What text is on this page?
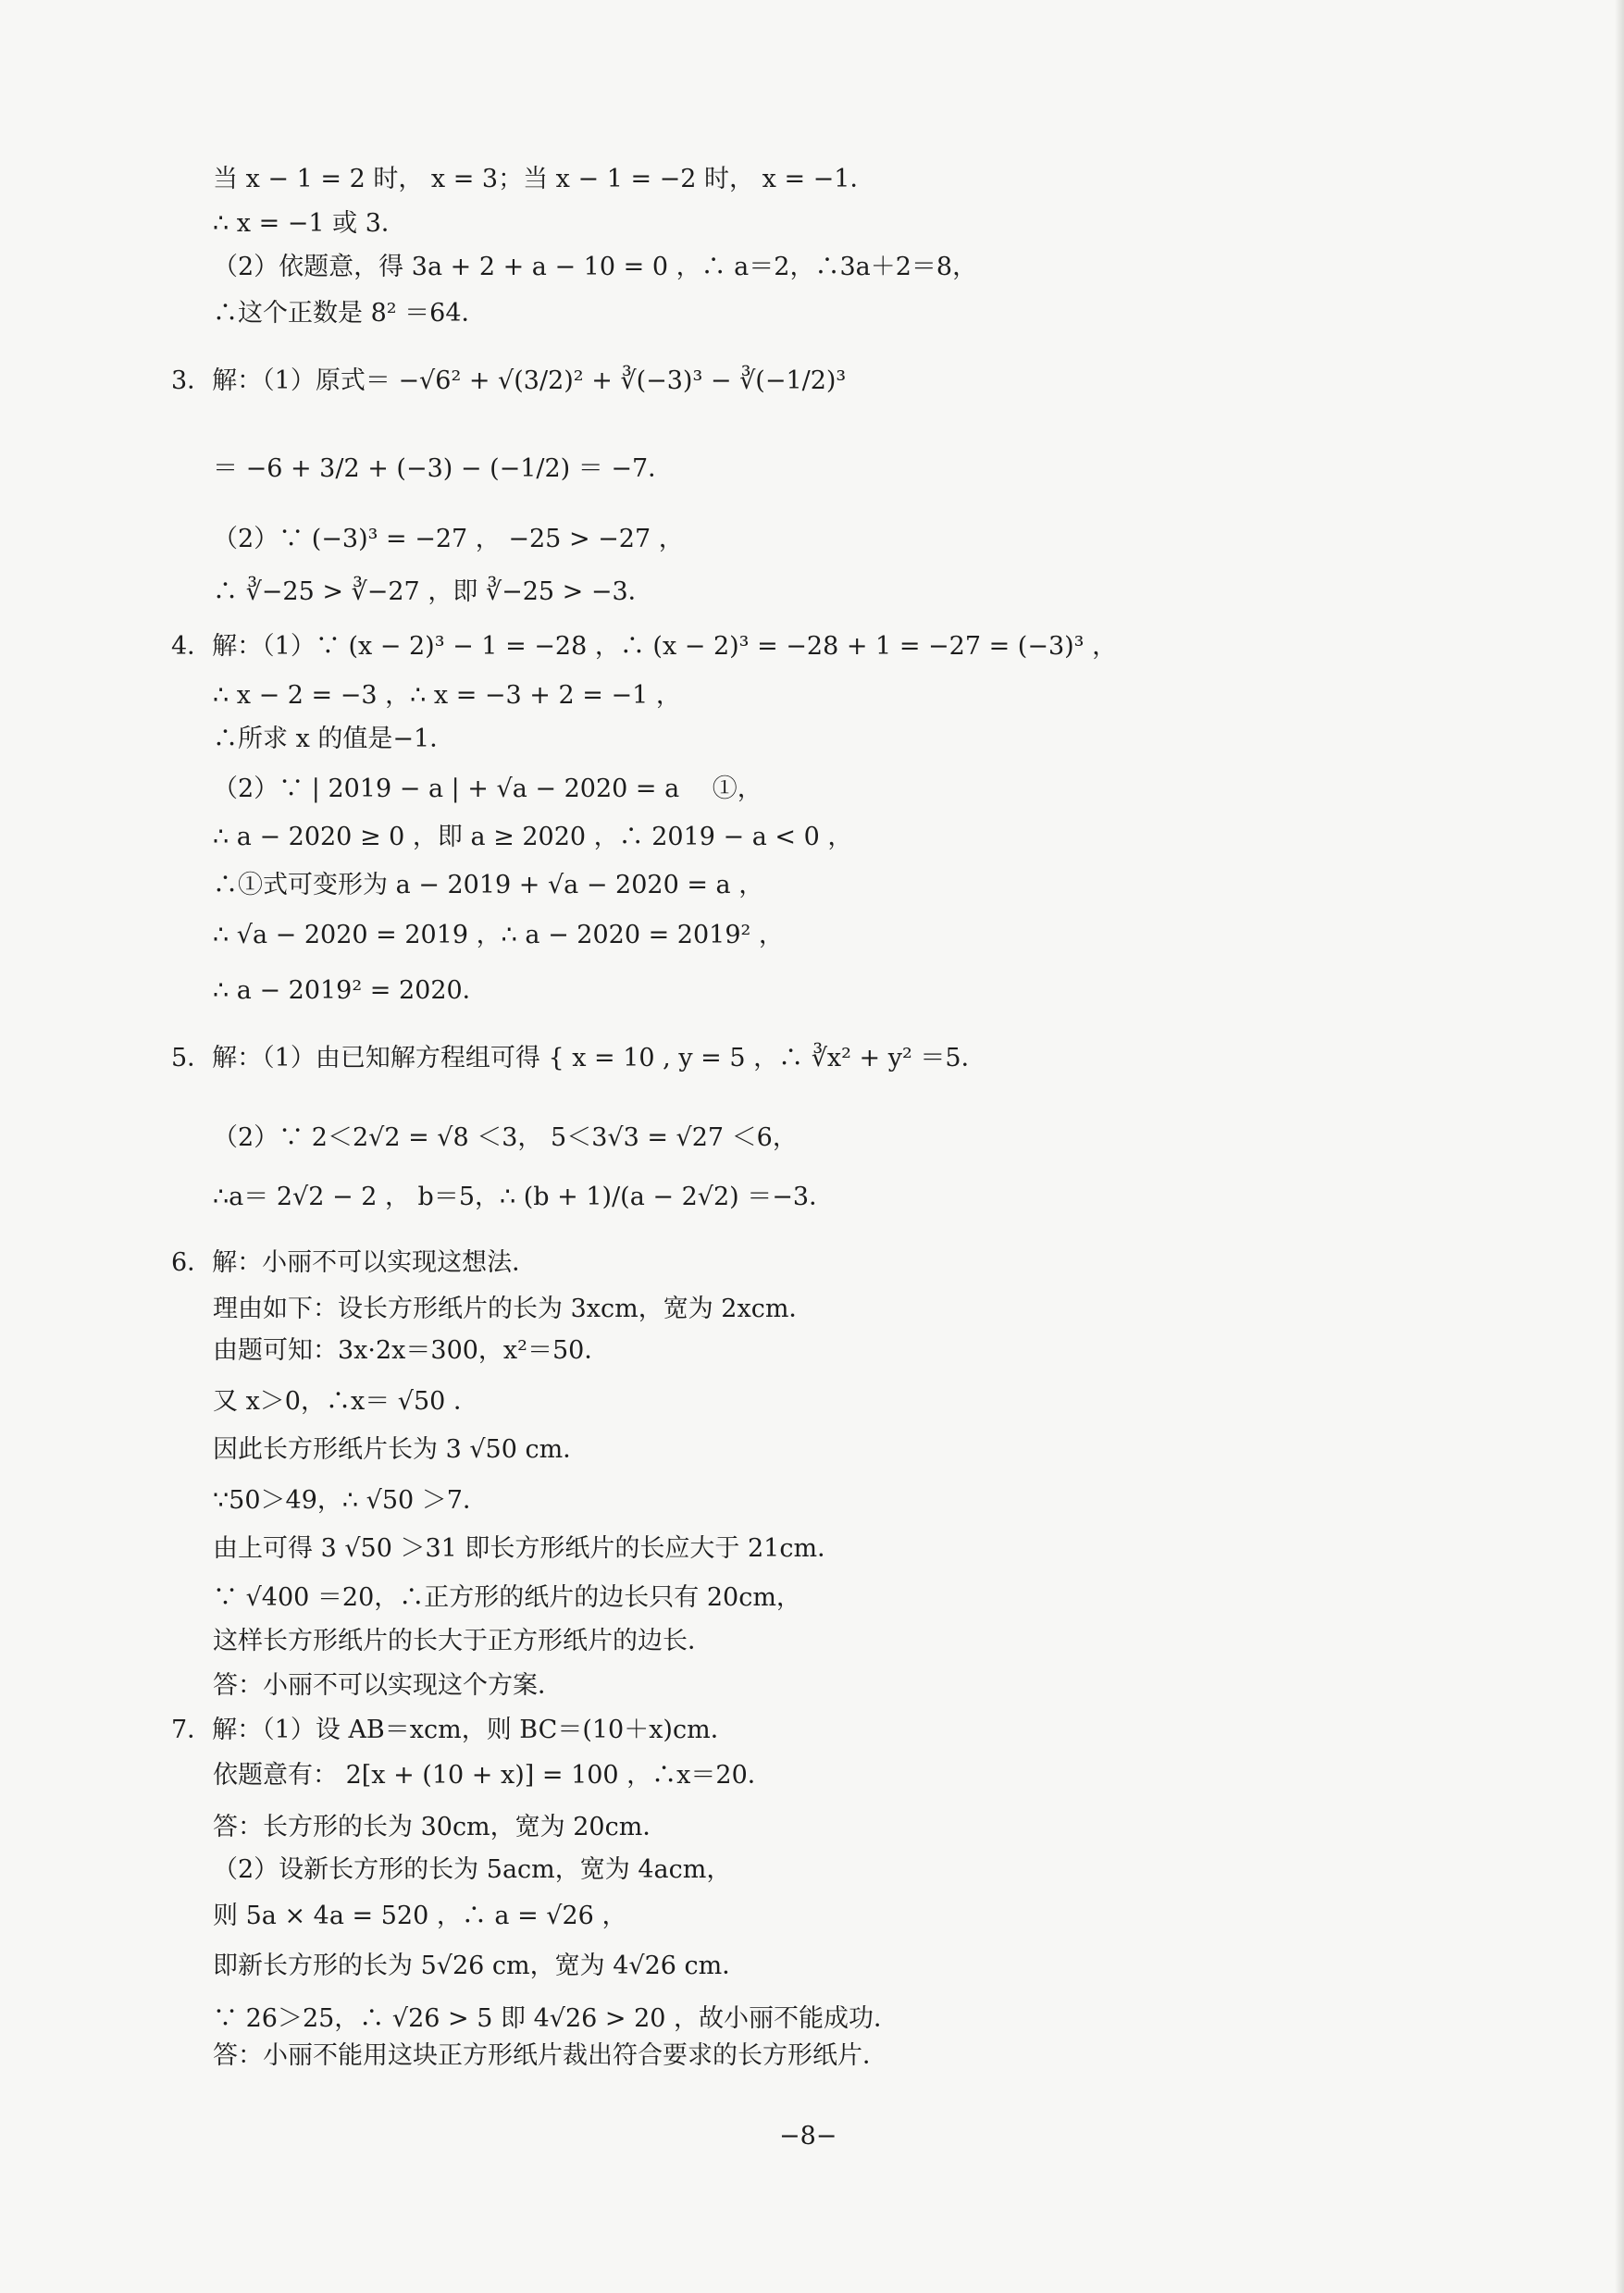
当 x − 1 = 2 时， x = 3；当 x − 1 = −2 时， x = −1．
∴ x = −1 或 3．
（2）依题意，得 3a + 2 + a − 10 = 0 ，∴ a＝2，∴3a＋2＝8，
∴这个正数是 8² ＝64．
3．解：（1）原式＝ −√6² + √(3/2)² + ∛(−3)³ − ∛(−1/2)³
＝ −6 + 3/2 + (−3) − (−1/2) ＝ −7．
（2）∵ (−3)³ = −27 ， −25 > −27 ，
∴ ∛−25 > ∛−27 ，即 ∛−25 > −3．
4．解：（1）∵ (x − 2)³ − 1 = −28 ，∴ (x − 2)³ = −28 + 1 = −27 = (−3)³ ，
∴ x − 2 = −3 ，∴ x = −3 + 2 = −1 ，
∴所求 x 的值是−1．
（2）∵ | 2019 − a | + √a − 2020 = a 　①，
∴ a − 2020 ≥ 0 ，即 a ≥ 2020 ，∴ 2019 − a < 0 ，
∴①式可变形为 a − 2019 + √a − 2020 = a ，
∴ √a − 2020 = 2019 ，∴ a − 2020 = 2019² ，
∴ a − 2019² = 2020．
5．解：（1）由已知解方程组可得 { x = 10 , y = 5 ，∴ ∛x² + y² ＝5．
（2）∵ 2＜2√2 = √8 ＜3， 5＜3√3 = √27 ＜6，
∴a＝ 2√2 − 2 ， b＝5，∴ (b + 1)/(a − 2√2) ＝−3．
6．解：小丽不可以实现这想法．
理由如下：设长方形纸片的长为 3xcm，宽为 2xcm．
由题可知：3x·2x＝300，x²＝50．
又 x＞0，∴x＝ √50 ．
因此长方形纸片长为 3 √50 cm．
∵50＞49，∴ √50 ＞7．
由上可得 3 √50 ＞31 即长方形纸片的长应大于 21cm．
∵ √400 ＝20，∴正方形的纸片的边长只有 20cm，
这样长方形纸片的长大于正方形纸片的边长．
答：小丽不可以实现这个方案．
7．解：（1）设 AB＝xcm，则 BC＝(10＋x)cm．
依题意有： 2[x + (10 + x)] = 100 ，∴x＝20．
答：长方形的长为 30cm，宽为 20cm．
（2）设新长方形的长为 5acm，宽为 4acm，
则 5a × 4a = 520 ，∴ a = √26 ，
即新长方形的长为 5√26 cm，宽为 4√26 cm．
∵ 26＞25，∴ √26 > 5 即 4√26 > 20 ，故小丽不能成功．
答：小丽不能用这块正方形纸片裁出符合要求的长方形纸片．
−8−
